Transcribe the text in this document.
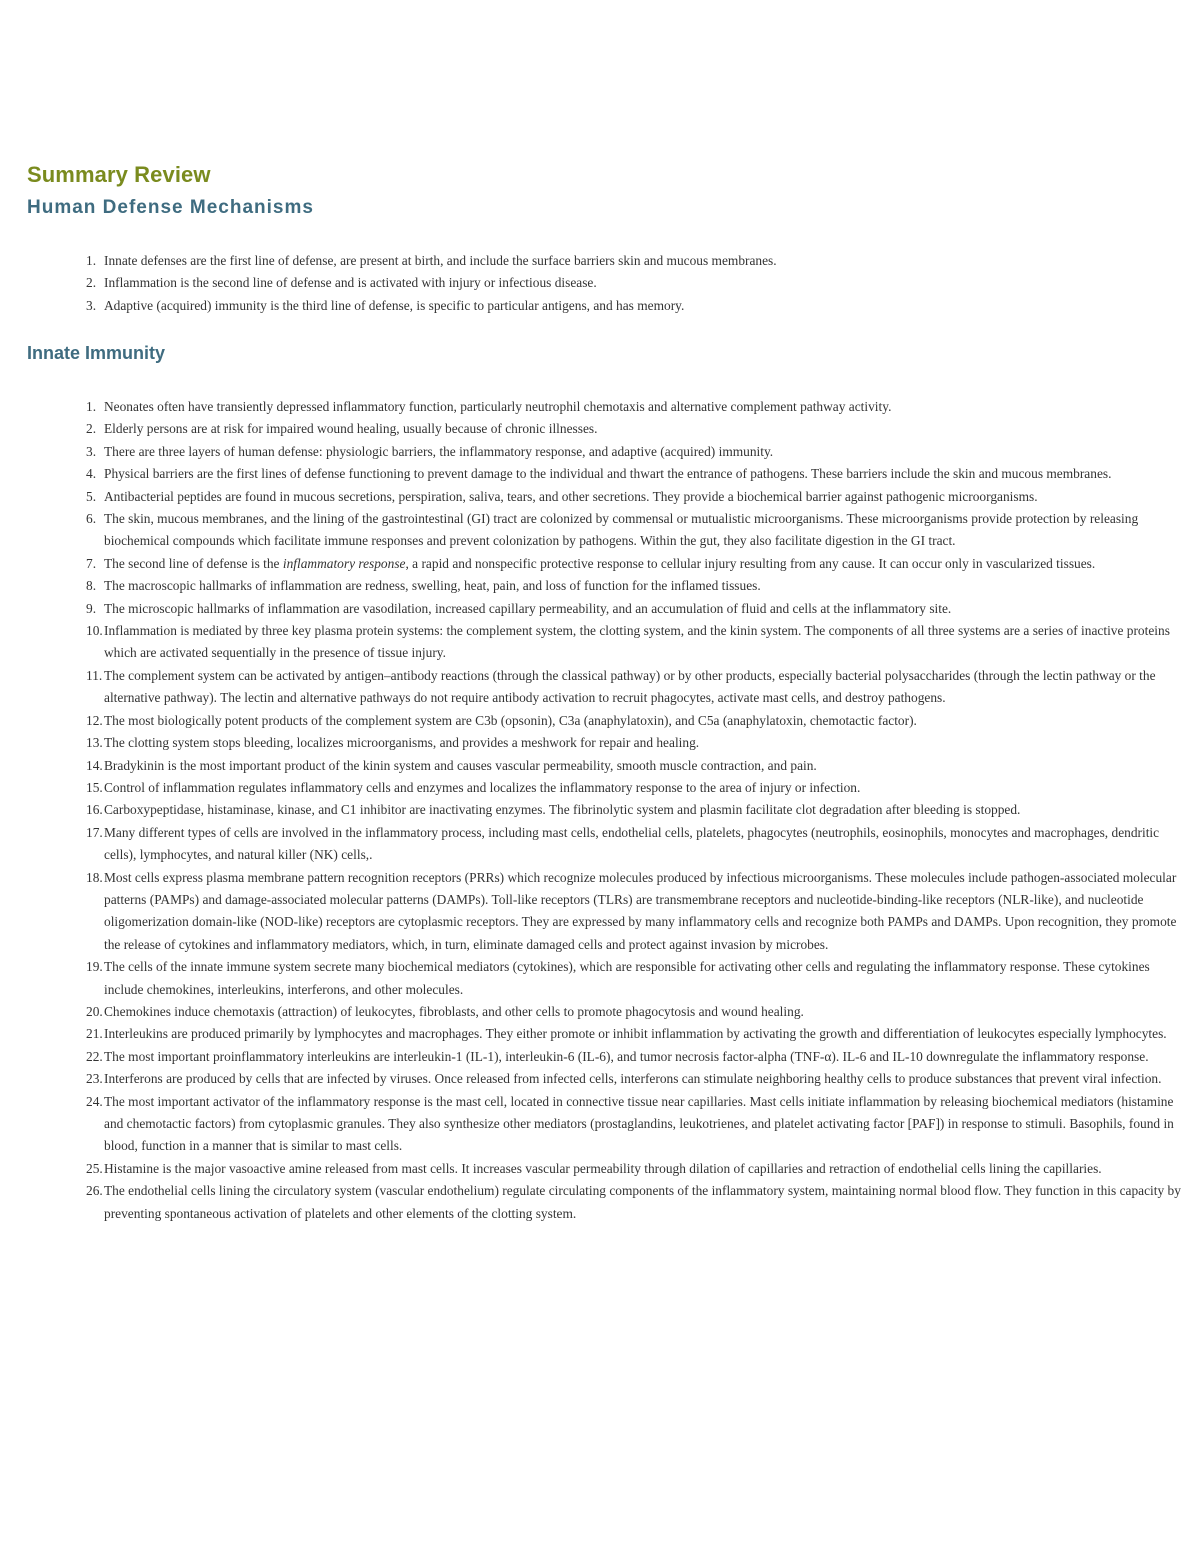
Summary Review
Human Defense Mechanisms
1. Innate defenses are the first line of defense, are present at birth, and include the surface barriers skin and mucous membranes.
2. Inflammation is the second line of defense and is activated with injury or infectious disease.
3. Adaptive (acquired) immunity is the third line of defense, is specific to particular antigens, and has memory.
Innate Immunity
1. Neonates often have transiently depressed inflammatory function, particularly neutrophil chemotaxis and alternative complement pathway activity.
2. Elderly persons are at risk for impaired wound healing, usually because of chronic illnesses.
3. There are three layers of human defense: physiologic barriers, the inflammatory response, and adaptive (acquired) immunity.
4. Physical barriers are the first lines of defense functioning to prevent damage to the individual and thwart the entrance of pathogens. These barriers include the skin and mucous membranes.
5. Antibacterial peptides are found in mucous secretions, perspiration, saliva, tears, and other secretions. They provide a biochemical barrier against pathogenic microorganisms.
6. The skin, mucous membranes, and the lining of the gastrointestinal (GI) tract are colonized by commensal or mutualistic microorganisms. These microorganisms provide protection by releasing biochemical compounds which facilitate immune responses and prevent colonization by pathogens. Within the gut, they also facilitate digestion in the GI tract.
7. The second line of defense is the inflammatory response, a rapid and nonspecific protective response to cellular injury resulting from any cause. It can occur only in vascularized tissues.
8. The macroscopic hallmarks of inflammation are redness, swelling, heat, pain, and loss of function for the inflamed tissues.
9. The microscopic hallmarks of inflammation are vasodilation, increased capillary permeability, and an accumulation of fluid and cells at the inflammatory site.
10. Inflammation is mediated by three key plasma protein systems: the complement system, the clotting system, and the kinin system. The components of all three systems are a series of inactive proteins which are activated sequentially in the presence of tissue injury.
11. The complement system can be activated by antigen–antibody reactions (through the classical pathway) or by other products, especially bacterial polysaccharides (through the lectin pathway or the alternative pathway). The lectin and alternative pathways do not require antibody activation to recruit phagocytes, activate mast cells, and destroy pathogens.
12. The most biologically potent products of the complement system are C3b (opsonin), C3a (anaphylatoxin), and C5a (anaphylatoxin, chemotactic factor).
13. The clotting system stops bleeding, localizes microorganisms, and provides a meshwork for repair and healing.
14. Bradykinin is the most important product of the kinin system and causes vascular permeability, smooth muscle contraction, and pain.
15. Control of inflammation regulates inflammatory cells and enzymes and localizes the inflammatory response to the area of injury or infection.
16. Carboxypeptidase, histaminase, kinase, and C1 inhibitor are inactivating enzymes. The fibrinolytic system and plasmin facilitate clot degradation after bleeding is stopped.
17. Many different types of cells are involved in the inflammatory process, including mast cells, endothelial cells, platelets, phagocytes (neutrophils, eosinophils, monocytes and macrophages, dendritic cells), lymphocytes, and natural killer (NK) cells,.
18. Most cells express plasma membrane pattern recognition receptors (PRRs) which recognize molecules produced by infectious microorganisms. These molecules include pathogen-associated molecular patterns (PAMPs) and damage-associated molecular patterns (DAMPs). Toll-like receptors (TLRs) are transmembrane receptors and nucleotide-binding-like receptors (NLR-like), and nucleotide oligomerization domain-like (NOD-like) receptors are cytoplasmic receptors. They are expressed by many inflammatory cells and recognize both PAMPs and DAMPs. Upon recognition, they promote the release of cytokines and inflammatory mediators, which, in turn, eliminate damaged cells and protect against invasion by microbes.
19. The cells of the innate immune system secrete many biochemical mediators (cytokines), which are responsible for activating other cells and regulating the inflammatory response. These cytokines include chemokines, interleukins, interferons, and other molecules.
20. Chemokines induce chemotaxis (attraction) of leukocytes, fibroblasts, and other cells to promote phagocytosis and wound healing.
21. Interleukins are produced primarily by lymphocytes and macrophages. They either promote or inhibit inflammation by activating the growth and differentiation of leukocytes especially lymphocytes.
22. The most important proinflammatory interleukins are interleukin-1 (IL-1), interleukin-6 (IL-6), and tumor necrosis factor-alpha (TNF-α). IL-6 and IL-10 downregulate the inflammatory response.
23. Interferons are produced by cells that are infected by viruses. Once released from infected cells, interferons can stimulate neighboring healthy cells to produce substances that prevent viral infection.
24. The most important activator of the inflammatory response is the mast cell, located in connective tissue near capillaries. Mast cells initiate inflammation by releasing biochemical mediators (histamine and chemotactic factors) from cytoplasmic granules. They also synthesize other mediators (prostaglandins, leukotrienes, and platelet activating factor [PAF]) in response to stimuli. Basophils, found in blood, function in a manner that is similar to mast cells.
25. Histamine is the major vasoactive amine released from mast cells. It increases vascular permeability through dilation of capillaries and retraction of endothelial cells lining the capillaries.
26. The endothelial cells lining the circulatory system (vascular endothelium) regulate circulating components of the inflammatory system, maintaining normal blood flow. They function in this capacity by preventing spontaneous activation of platelets and other elements of the clotting system.
